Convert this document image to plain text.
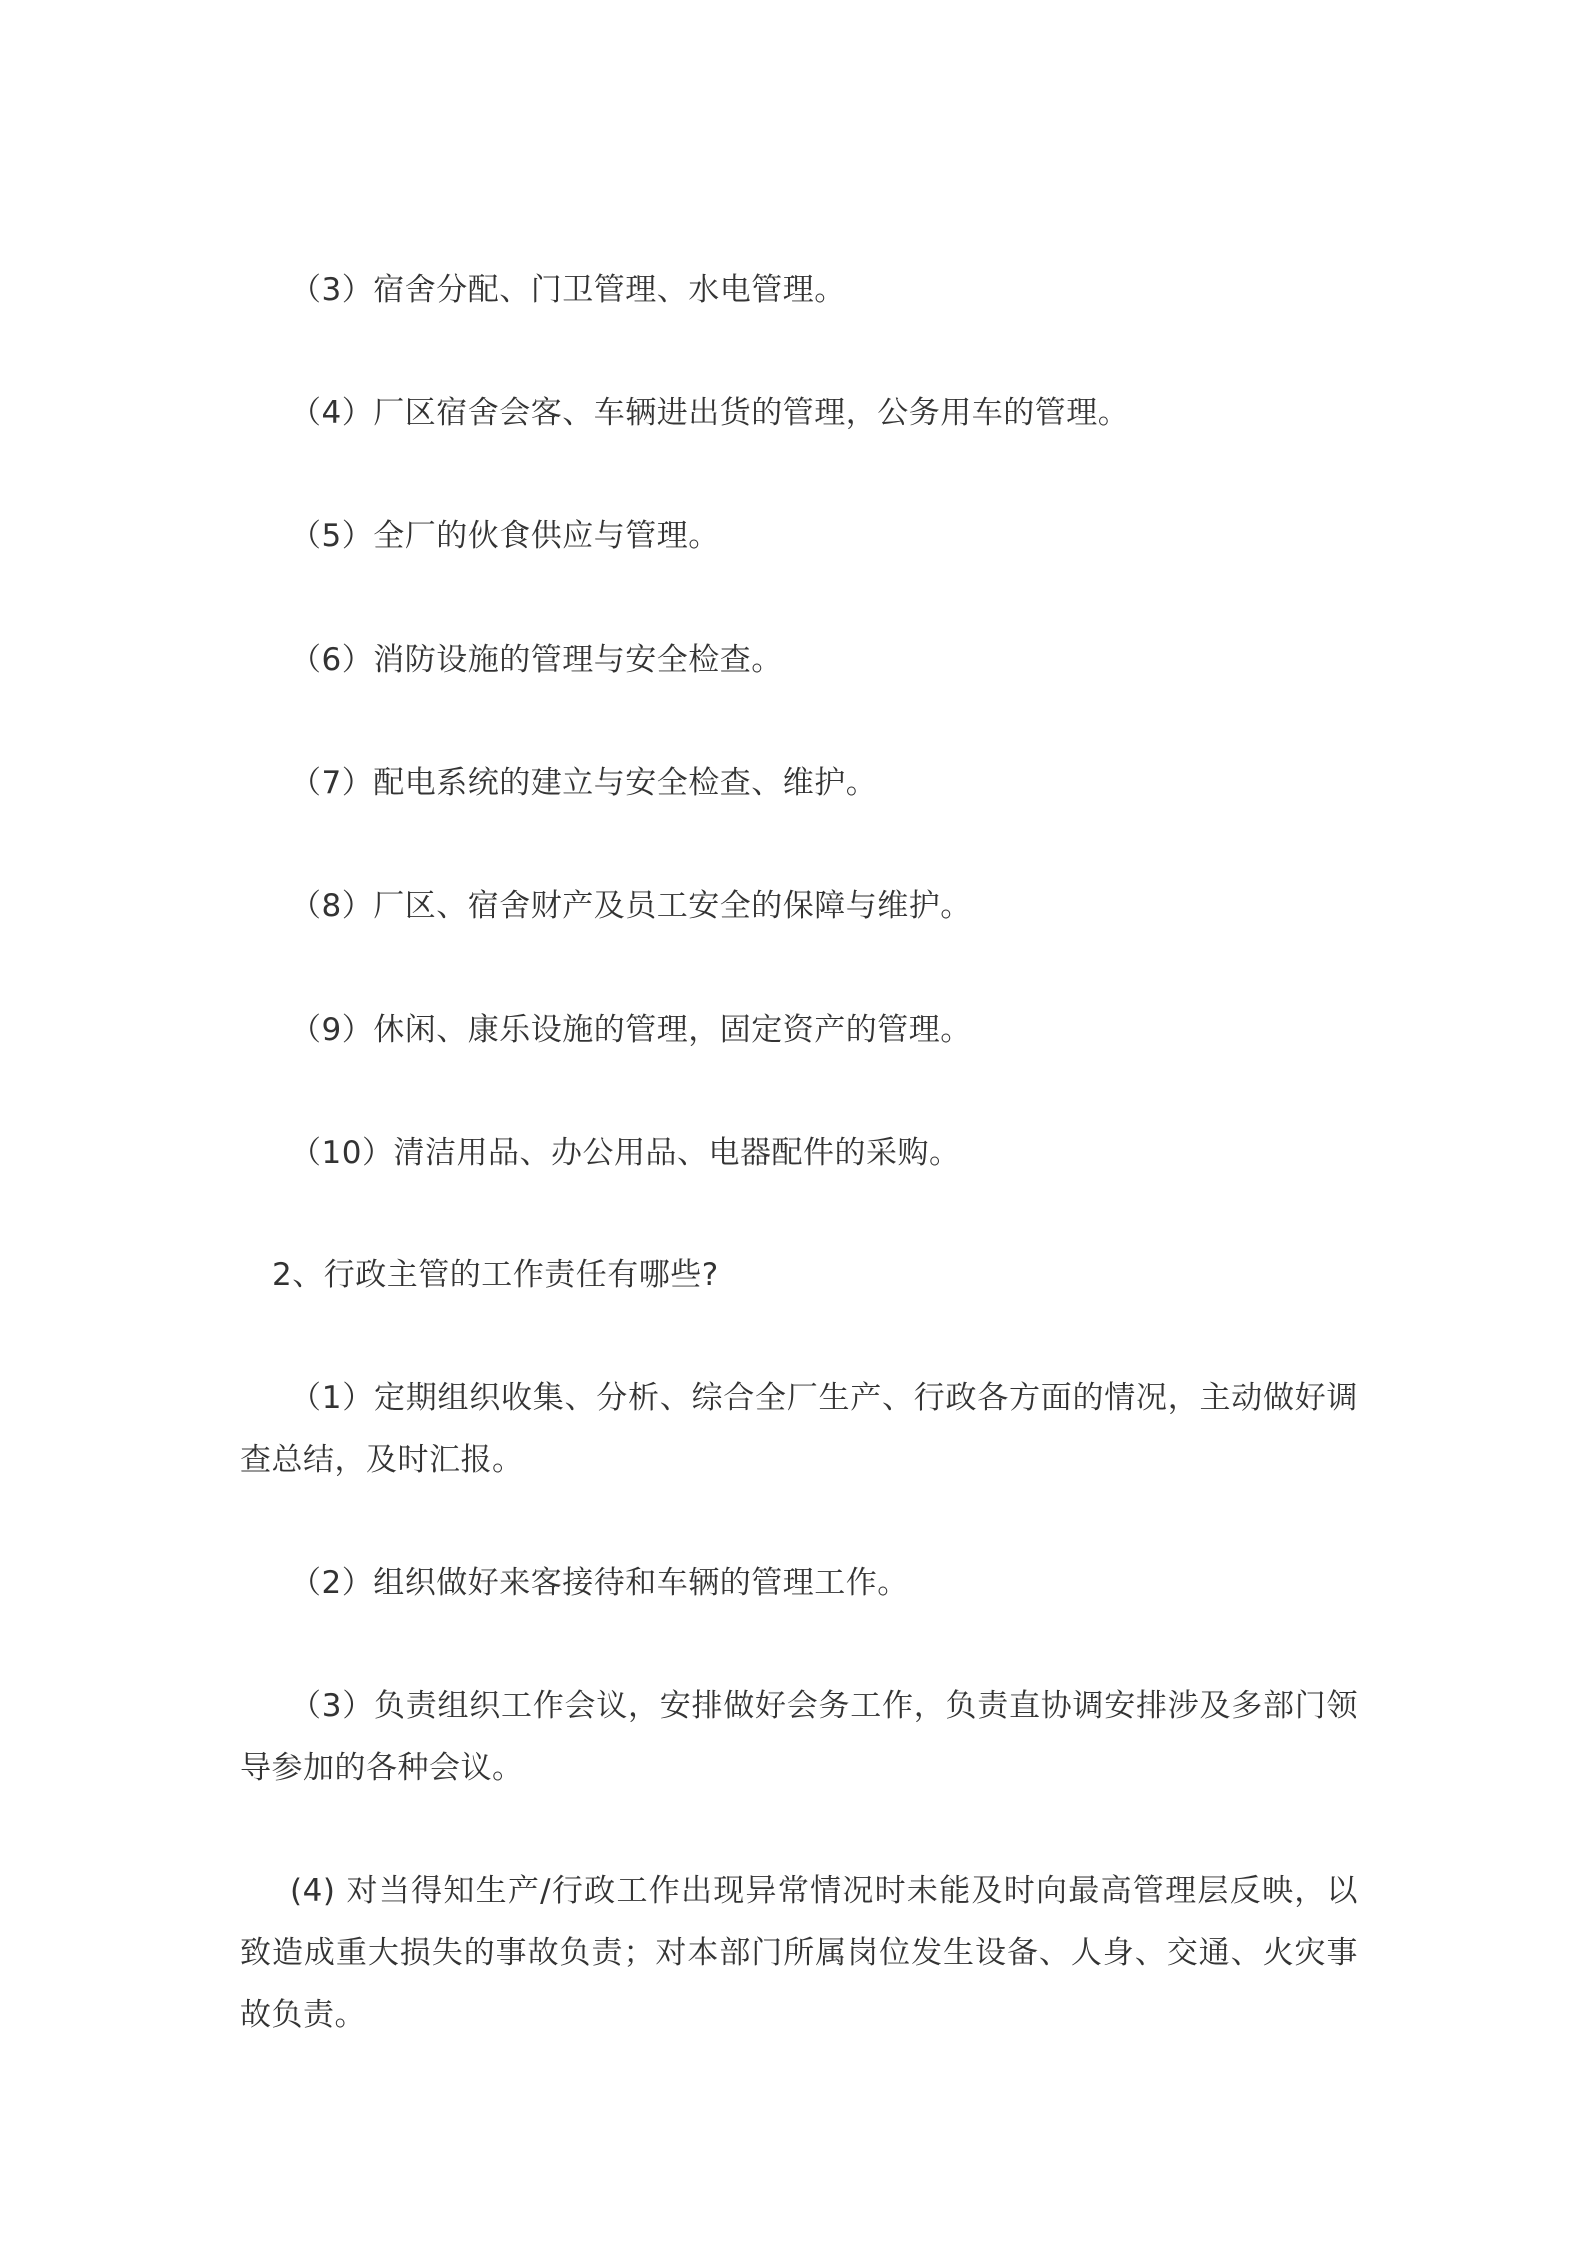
（3）宿舍分配、门卫管理、水电管理。

（4）厂区宿舍会客、车辆进出货的管理，公务用车的管理。

（5）全厂的伙食供应与管理。

（6）消防设施的管理与安全检查。

（7）配电系统的建立与安全检查、维护。

（8）厂区、宿舍财产及员工安全的保障与维护。

（9）休闲、康乐设施的管理，固定资产的管理。

（10）清洁用品、办公用品、电器配件的采购。

2、行政主管的工作责任有哪些?

（1）定期组织收集、分析、综合全厂生产、行政各方面的情况，主动做好调查总结，及时汇报。

（2）组织做好来客接待和车辆的管理工作。

（3）负责组织工作会议，安排做好会务工作，负责直协调安排涉及多部门领导参加的各种会议。

(4) 对当得知生产/行政工作出现异常情况时未能及时向最高管理层反映，以致造成重大损失的事故负责；对本部门所属岗位发生设备、人身、交通、火灾事故负责。
